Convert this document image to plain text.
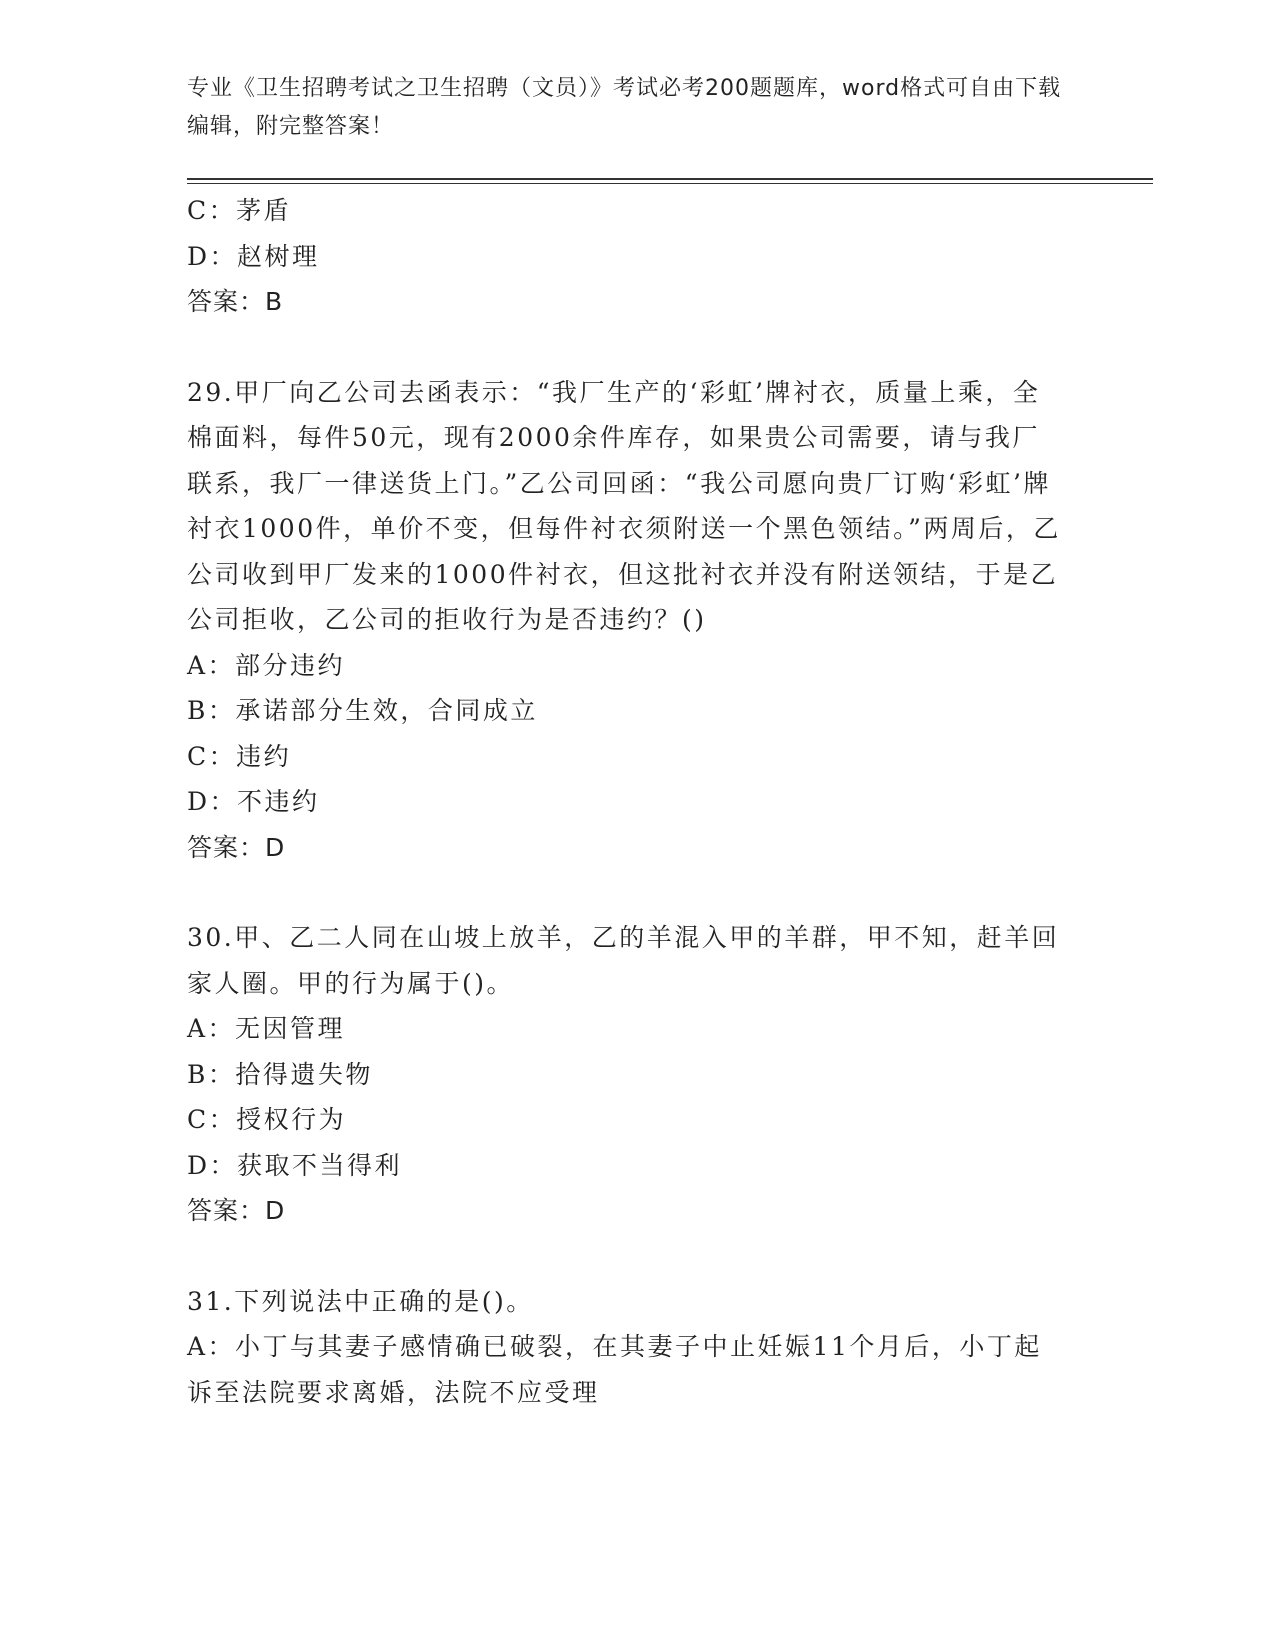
专业《卫生招聘考试之卫生招聘（文员）》考试必考200题题库，word格式可自由下载编辑，附完整答案！

C：茅盾

D：赵树理

答案：B

29.甲厂向乙公司去函表示：“我厂生产的‘彩虹’牌衬衣，质量上乘，全棉面料，每件50元，现有2000余件库存，如果贵公司需要，请与我厂联系，我厂一律送货上门。”乙公司回函：“我公司愿向贵厂订购‘彩虹’牌衬衣1000件，单价不变，但每件衬衣须附送一个黑色领结。”两周后，乙公司收到甲厂发来的1000件衬衣，但这批衬衣并没有附送领结，于是乙公司拒收，乙公司的拒收行为是否违约？()

A：部分违约

B：承诺部分生效，合同成立

C：违约

D：不违约

答案：D

30.甲、乙二人同在山坡上放羊，乙的羊混入甲的羊群，甲不知，赶羊回家人圈。甲的行为属于()。

A：无因管理

B：拾得遗失物

C：授权行为

D：获取不当得利

答案：D

31.下列说法中正确的是()。

A：小丁与其妻子感情确已破裂，在其妻子中止妊娠11个月后，小丁起诉至法院要求离婚，法院不应受理
